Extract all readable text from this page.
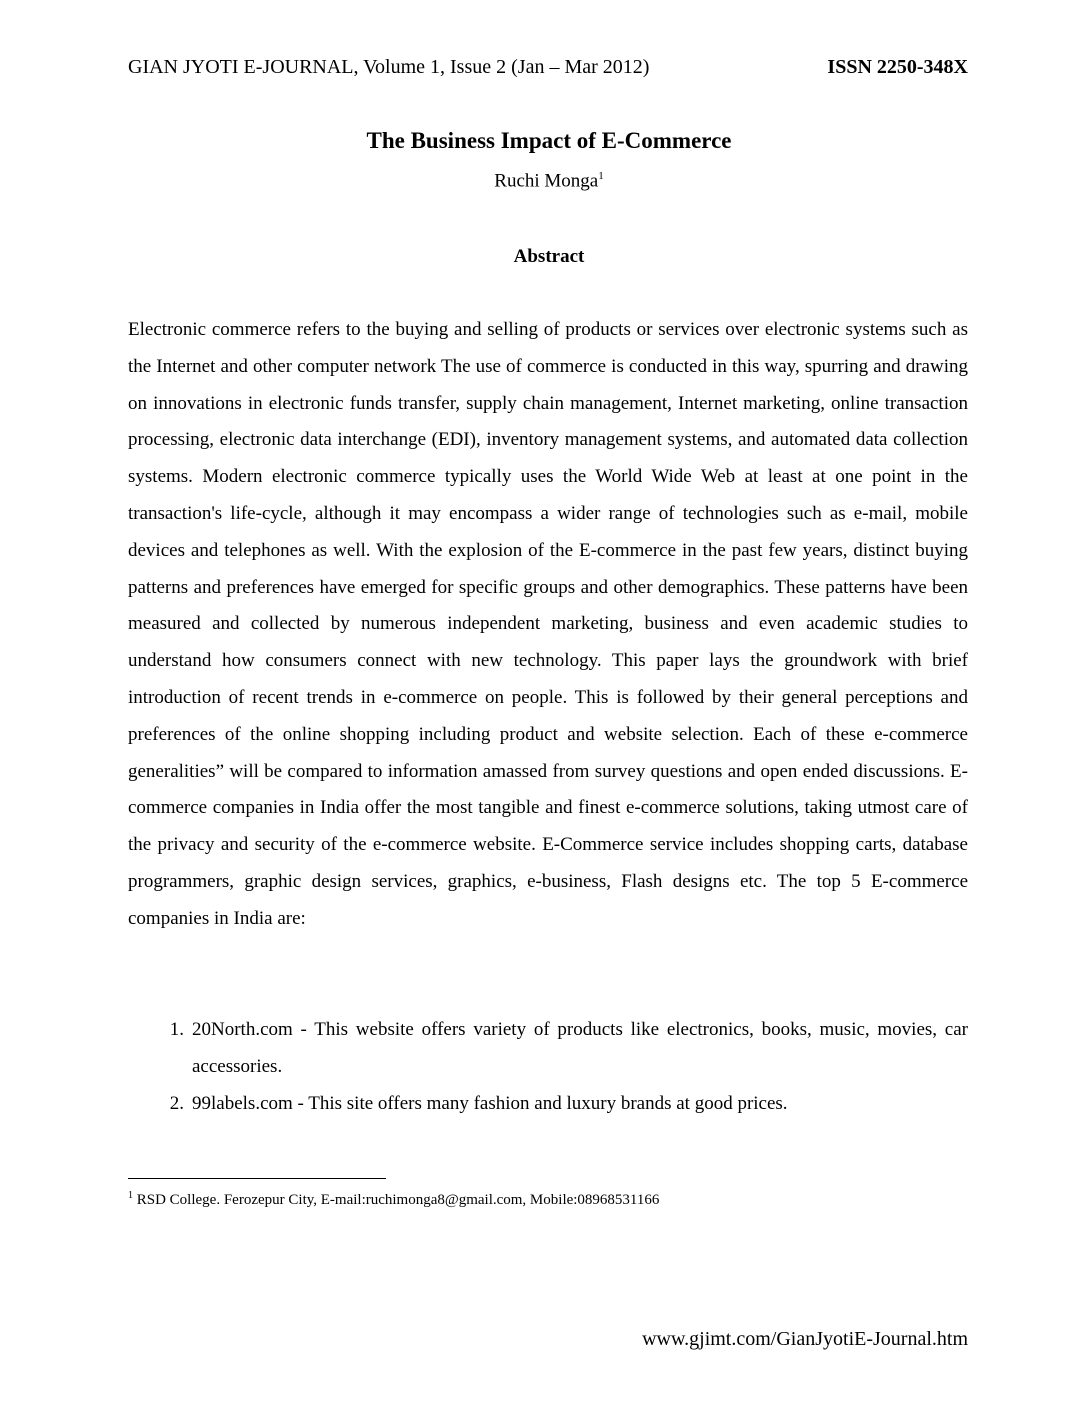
GIAN JYOTI E-JOURNAL, Volume 1, Issue 2 (Jan – Mar 2012)	ISSN 2250-348X
The Business Impact of E-Commerce
Ruchi Monga$^1$
Abstract

Electronic commerce refers to the buying and selling of products or services over electronic systems such as the Internet and other computer network The use of commerce is conducted in this way, spurring and drawing on innovations in electronic funds transfer, supply chain management, Internet marketing, online transaction processing, electronic data interchange (EDI), inventory management systems, and automated data collection systems. Modern electronic commerce typically uses the World Wide Web at least at one point in the transaction's life-cycle, although it may encompass a wider range of technologies such as e-mail, mobile devices and telephones as well. With the explosion of the E-commerce in the past few years, distinct buying patterns and preferences have emerged for specific groups and other demographics. These patterns have been measured and collected by numerous independent marketing, business and even academic studies to understand how consumers connect with new technology. This paper lays the groundwork with brief introduction of recent trends in e-commerce on people. This is followed by their general perceptions and preferences of the online shopping including product and website selection. Each of these e-commerce generalities” will be compared to information amassed from survey questions and open ended discussions. E-commerce companies in India offer the most tangible and finest e-commerce solutions, taking utmost care of the privacy and security of the e-commerce website. E-Commerce service includes shopping carts, database programmers, graphic design services, graphics, e-business, Flash designs etc. The top 5 E-commerce companies in India are:

1. 20North.com - This website offers variety of products like electronics, books, music, movies, car accessories.
2. 99labels.com - This site offers many fashion and luxury brands at good prices.
$^1$ RSD College. Ferozepur City, E-mail:ruchimonga8@gmail.com, Mobile:08968531166
www.gjimt.com/GianJyotiE-Journal.htm
